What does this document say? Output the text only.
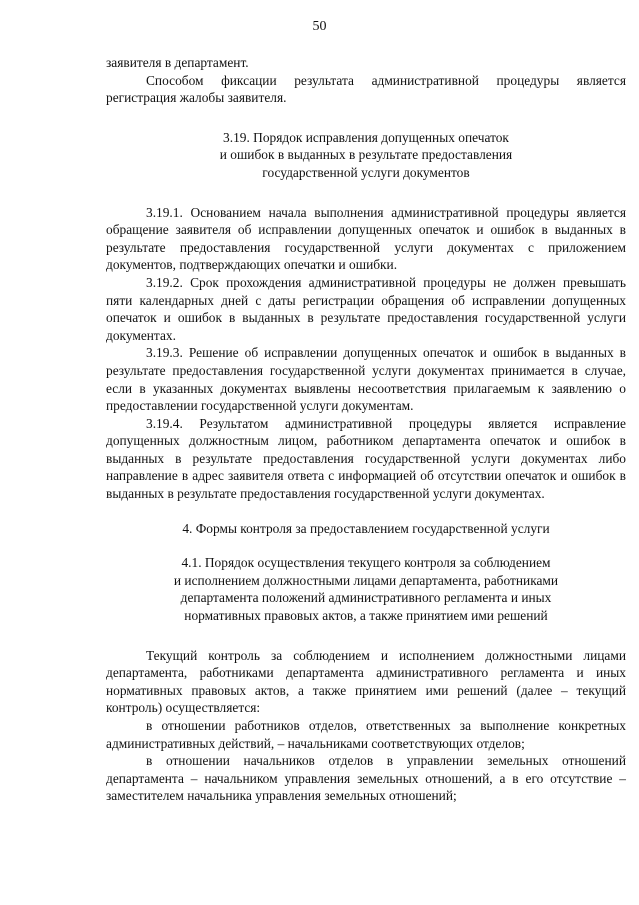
50

заявителя в департамент.

Способом фиксации результата административной процедуры является регистрация жалобы заявителя.

3.19. Порядок исправления допущенных опечаток

и ошибок в выданных в результате предоставления

государственной услуги документов

3.19.1. Основанием начала выполнения административной процедуры является обращение заявителя об исправлении допущенных опечаток и ошибок в выданных в результате предоставления государственной услуги документах с приложением документов, подтверждающих опечатки и ошибки.

3.19.2. Срок прохождения административной процедуры не должен превышать пяти календарных дней с даты регистрации обращения об исправлении допущенных опечаток и ошибок в выданных в результате предоставления государственной услуги документах.

3.19.3. Решение об исправлении допущенных опечаток и ошибок в выданных в результате предоставления государственной услуги документах принимается в случае, если в указанных документах выявлены несоответствия прилагаемым к заявлению о предоставлении государственной услуги документам.

3.19.4. Результатом административной процедуры является исправление допущенных должностным лицом, работником департамента опечаток и ошибок в выданных в результате предоставления государственной услуги документах либо направление в адрес заявителя ответа с информацией об отсутствии опечаток и ошибок в выданных в результате предоставления государственной услуги документах.

4. Формы контроля за предоставлением государственной услуги

4.1. Порядок осуществления текущего контроля за соблюдением

и исполнением должностными лицами департамента, работниками

департамента положений административного регламента и иных

нормативных правовых актов, а также принятием ими решений

Текущий контроль за соблюдением и исполнением должностными лицами департамента, работниками департамента административного регламента и иных нормативных правовых актов, а также принятием ими решений (далее – текущий контроль) осуществляется:

в отношении работников отделов, ответственных за выполнение конкретных административных действий, – начальниками соответствующих отделов;

в отношении начальников отделов в управлении земельных отношений департамента – начальником управления земельных отношений, а в его отсутствие – заместителем начальника управления земельных отношений;
